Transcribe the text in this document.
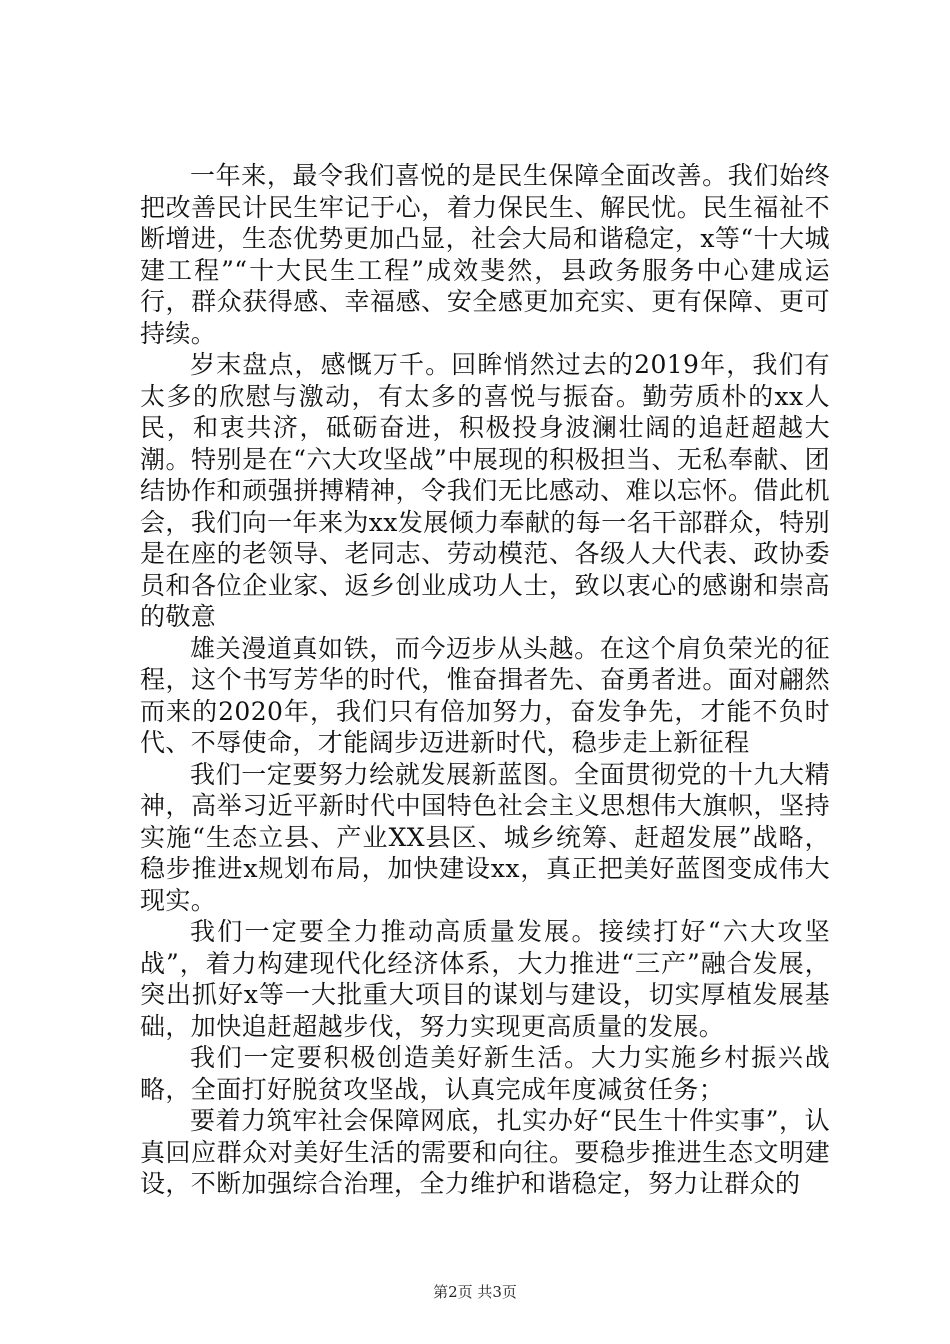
一年来，最令我们喜悦的是民生保障全面改善。我们始终把改善民计民生牢记于心，着力保民生、解民忧。民生福祉不断增进，生态优势更加凸显，社会大局和谐稳定，x等“十大城建工程”“十大民生工程”成效斐然，县政务服务中心建成运行，群众获得感、幸福感、安全感更加充实、更有保障、更可持续。

岁末盘点，感慨万千。回眸悄然过去的2019年，我们有太多的欣慰与激动，有太多的喜悦与振奋。勤劳质朴的xx人民，和衷共济，砥砺奋进，积极投身波澜壮阔的追赶超越大潮。特别是在“六大攻坚战”中展现的积极担当、无私奉献、团结协作和顽强拼搏精神，令我们无比感动、难以忘怀。借此机会，我们向一年来为xx发展倾力奉献的每一名干部群众，特别是在座的老领导、老同志、劳动模范、各级人大代表、政协委员和各位企业家、返乡创业成功人士，致以衷心的感谢和崇高的敬意

雄关漫道真如铁，而今迈步从头越。在这个肩负荣光的征程，这个书写芳华的时代，惟奋揖者先、奋勇者进。面对翩然而来的2020年，我们只有倍加努力，奋发争先，才能不负时代、不辱使命，才能阔步迈进新时代，稳步走上新征程

我们一定要努力绘就发展新蓝图。全面贯彻党的十九大精神，高举习近平新时代中国特色社会主义思想伟大旗帜，坚持实施“生态立县、产业XX县区、城乡统筹、赶超发展”战略，稳步推进x规划布局，加快建设xx，真正把美好蓝图变成伟大现实。

我们一定要全力推动高质量发展。接续打好“六大攻坚战”，着力构建现代化经济体系，大力推进“三产”融合发展，突出抓好x等一大批重大项目的谋划与建设，切实厚植发展基础，加快追赶超越步伐，努力实现更高质量的发展。

我们一定要积极创造美好新生活。大力实施乡村振兴战略，全面打好脱贫攻坚战，认真完成年度减贫任务；

要着力筑牢社会保障网底，扎实办好“民生十件实事”，认真回应群众对美好生活的需要和向往。要稳步推进生态文明建设，不断加强综合治理，全力维护和谐稳定，努力让群众的

第2页 共3页
